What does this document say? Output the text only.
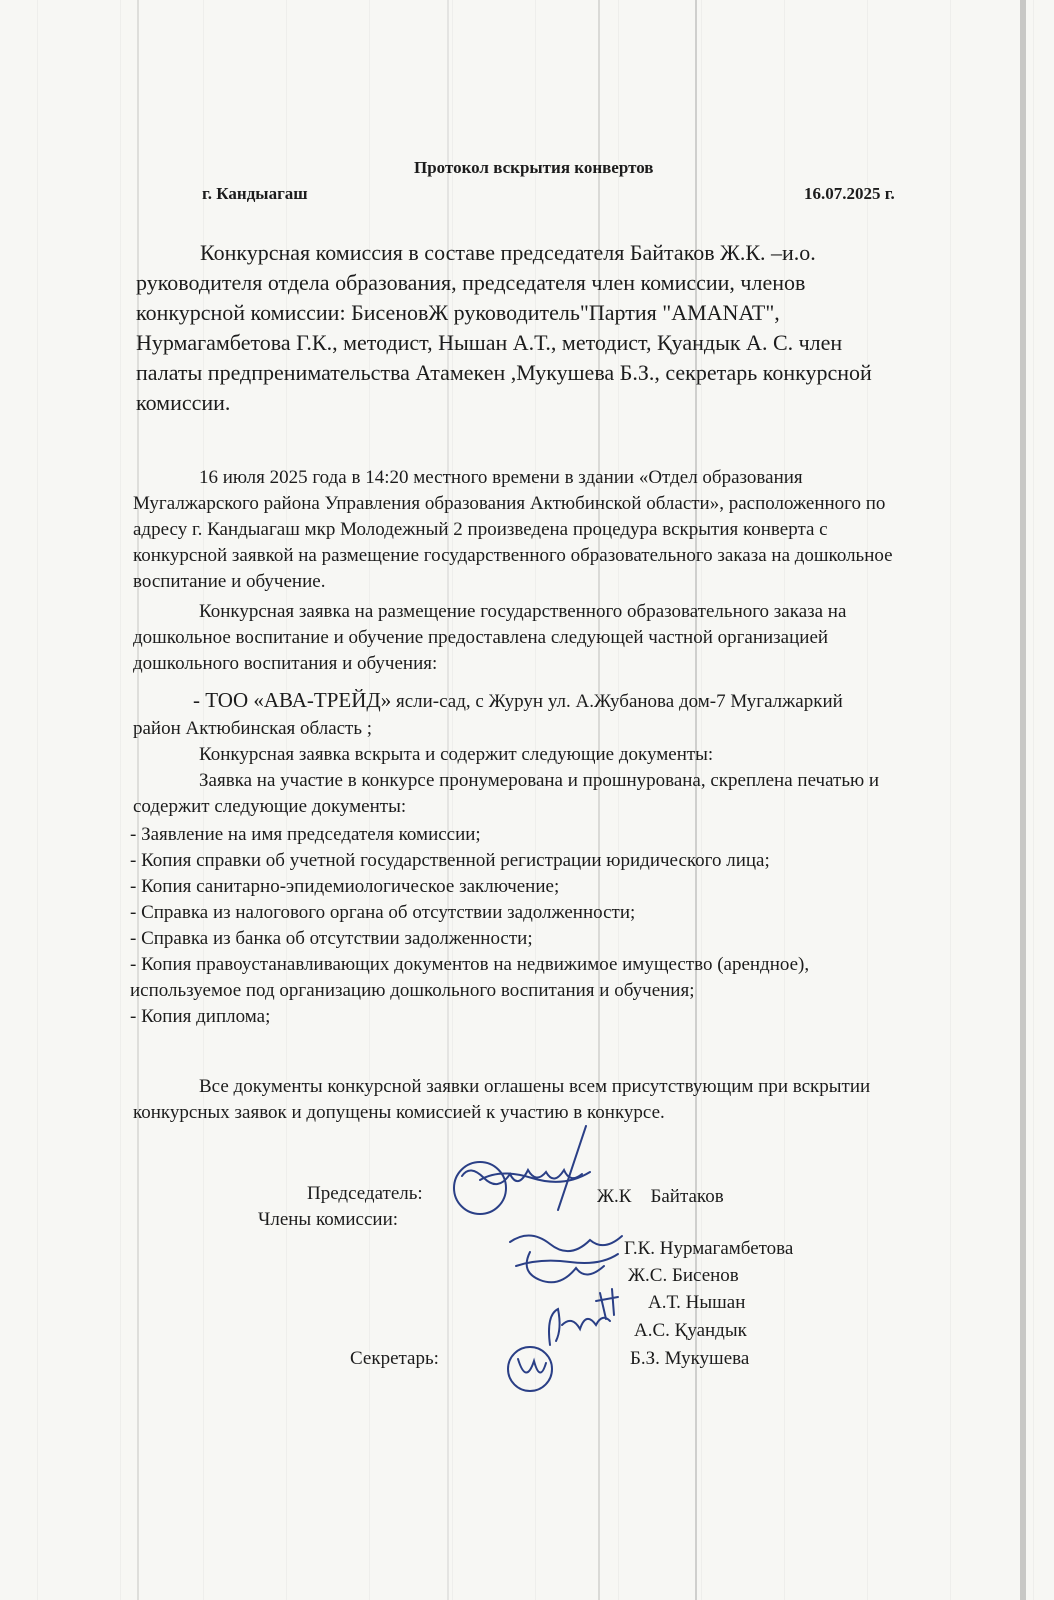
Протокол вскрытия конвертов
г. Кандыагаш	16.07.2025 г.

Конкурсная комиссия в составе председателя Байтаков Ж.К. –и.о.

руководителя отдела образования, председателя член комиссии, членов

конкурсной комиссии: БисеновЖ руководитель"Партия "AMANAT",

Нурмагамбетова Г.К., методист, Нышан А.Т., методист, Қуандык А. С. член

палаты предпренимательства Атамекен ,Мукушева Б.З., секретарь конкурсной

комиссии.

16 июля 2025 года в 14:20 местного времени в здании «Отдел образования

Мугалжарского района Управления образования Актюбинской области», расположенного по

адресу г. Кандыагаш мкр Молодежный 2 произведена процедура вскрытия конверта с

конкурсной заявкой на размещение государственного образовательного заказа на дошкольное

воспитание и обучение.

Конкурсная заявка на размещение государственного образовательного заказа на

дошкольное воспитание и обучение предоставлена следующей частной организацией

дошкольного воспитания и обучения:

- ТОО «АВА-ТРЕЙД» ясли-сад, с Журун ул. А.Жубанова дом-7 Мугалжаркий

район Актюбинская область ;

Конкурсная заявка вскрыта и содержит следующие документы:

Заявка на участие в конкурсе пронумерована и прошнурована, скреплена печатью и

содержит следующие документы:

- Заявление на имя председателя комиссии;

- Копия справки об учетной государственной регистрации юридического лица;

- Копия санитарно-эпидемиологическое заключение;

- Справка из налогового органа об отсутствии задолженности;

- Справка из банка об отсутствии задолженности;

- Копия правоустанавливающих документов на недвижимое имущество (арендное),

используемое под организацию дошкольного воспитания и обучения;

- Копия диплома;

Все документы конкурсной заявки оглашены всем присутствующим при вскрытии

конкурсных заявок и допущены комиссией к участию в конкурсе.

Председатель:	Ж.К    Байтаков
Члены комиссии:
Г.К. Нурмагамбетова
Ж.С. Бисенов
А.Т. Нышан
А.С. Қуандык
Секретарь:	Б.З. Мукушева
